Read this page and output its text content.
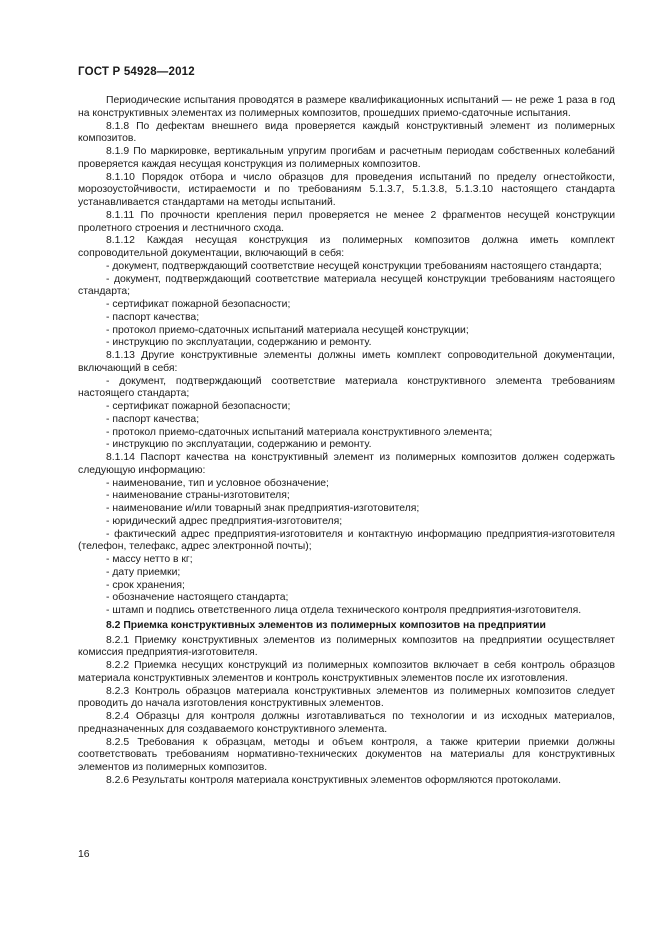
ГОСТ Р 54928—2012

Периодические испытания проводятся в размере квалификационных испытаний — не реже 1 раза в год на конструктивных элементах из полимерных композитов, прошедших приемо-сдаточные испытания.

8.1.8 По дефектам внешнего вида проверяется каждый конструктивный элемент из полимерных композитов.

8.1.9 По маркировке, вертикальным упругим прогибам и расчетным периодам собственных колебаний проверяется каждая несущая конструкция из полимерных композитов.

8.1.10 Порядок отбора и число образцов для проведения испытаний по пределу огнестойкости, морозоустойчивости, истираемости и по требованиям 5.1.3.7, 5.1.3.8, 5.1.3.10 настоящего стандарта устанавливается стандартами на методы испытаний.

8.1.11 По прочности крепления перил проверяется не менее 2 фрагментов несущей конструкции пролетного строения и лестничного схода.

8.1.12 Каждая несущая конструкция из полимерных композитов должна иметь комплект сопроводительной документации, включающий в себя:

- документ, подтверждающий соответствие несущей конструкции требованиям настоящего стандарта;

- документ, подтверждающий соответствие материала несущей конструкции требованиям настоящего стандарта;

- сертификат пожарной безопасности;

- паспорт качества;

- протокол приемо-сдаточных испытаний материала несущей конструкции;

- инструкцию по эксплуатации, содержанию и ремонту.

8.1.13 Другие конструктивные элементы должны иметь комплект сопроводительной документации, включающий в себя:

- документ, подтверждающий соответствие материала конструктивного элемента требованиям настоящего стандарта;

- сертификат пожарной безопасности;

- паспорт качества;

- протокол приемо-сдаточных испытаний материала конструктивного элемента;

- инструкцию по эксплуатации, содержанию и ремонту.

8.1.14 Паспорт качества на конструктивный элемент из полимерных композитов должен содержать следующую информацию:

- наименование, тип и условное обозначение;

- наименование страны-изготовителя;

- наименование и/или товарный знак предприятия-изготовителя;

- юридический адрес предприятия-изготовителя;

- фактический адрес предприятия-изготовителя и контактную информацию предприятия-изготовителя (телефон, телефакс, адрес электронной почты);

- массу нетто в кг;

- дату приемки;

- срок хранения;

- обозначение настоящего стандарта;

- штамп и подпись ответственного лица отдела технического контроля предприятия-изготовителя.

8.2 Приемка конструктивных элементов из полимерных композитов на предприятии

8.2.1 Приемку конструктивных элементов из полимерных композитов на предприятии осуществляет комиссия предприятия-изготовителя.

8.2.2 Приемка несущих конструкций из полимерных композитов включает в себя контроль образцов материала конструктивных элементов и контроль конструктивных элементов после их изготовления.

8.2.3 Контроль образцов материала конструктивных элементов из полимерных композитов следует проводить до начала изготовления конструктивных элементов.

8.2.4 Образцы для контроля должны изготавливаться по технологии и из исходных материалов, предназначенных для создаваемого конструктивного элемента.

8.2.5 Требования к образцам, методы и объем контроля, а также критерии приемки должны соответствовать требованиям нормативно-технических документов на материалы для конструктивных элементов из полимерных композитов.

8.2.6 Результаты контроля материала конструктивных элементов оформляются протоколами.

16
